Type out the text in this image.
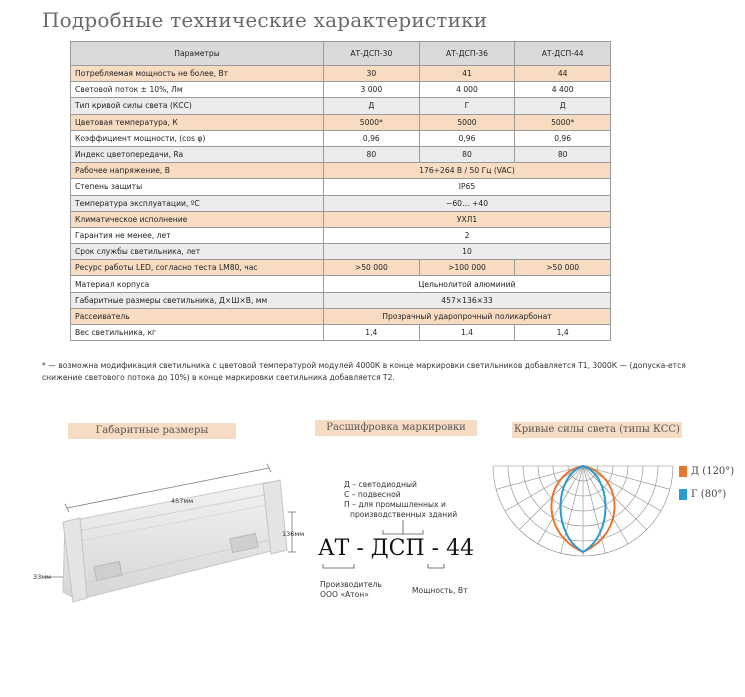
Подробные технические характеристики
Параметры	АТ-ДСП-30	АТ-ДСП-36	АТ-ДСП-44
Потребляемая мощность не более, Вт	30	41	44
Световой поток ± 10%, Лм	3 000	4 000	4 400
Тип кривой силы света (КСС)	Д	Г	Д
Цветовая температура, К	5000*	5000	5000*
Коэффициент мощности, (cos φ)	0,96	0,96	0,96
Индекс цветопередачи, Ra	80	80	80
Рабочее напряжение, В	176÷264 В / 50 Гц (VAC)		
Степень защиты	IP65		
Температура эксплуатации, ºС	−60… +40		
Климатическое исполнение	УХЛ1		
Гарантия не менее, лет	2		
Срок службы светильника, лет	10		
Ресурс работы LED, согласно теста LM80, час	>50 000	>100 000	>50 000
Материал корпуса	Цельнолитой алюминий		
Габаритные размеры светильника, Д×Ш×В, мм	457×136×33		
Рассеиватель	Прозрачный ударопрочный поликарбонат		
Вес светильника, кг	1,4	1.4	1,4
* — возможна модификация светильника с цветовой температурой модулей 4000К в конце маркировки светильников добавляется Т1, 3000К — (допуска-ется снижение светового потока до 10%) в конце маркировки светильника добавляется Т2.
Габаритные размеры	Расшифровка маркировки	Кривые силы света (типы КСС)
457мм
136мм
33мм
Д – светодиодный
С – подвесной
П – для промышленных и
производственных зданий
АТ - ДСП - 44
Производитель
ООО «Атон»	Мощность, Вт
Д (120°)
Г (80°)
